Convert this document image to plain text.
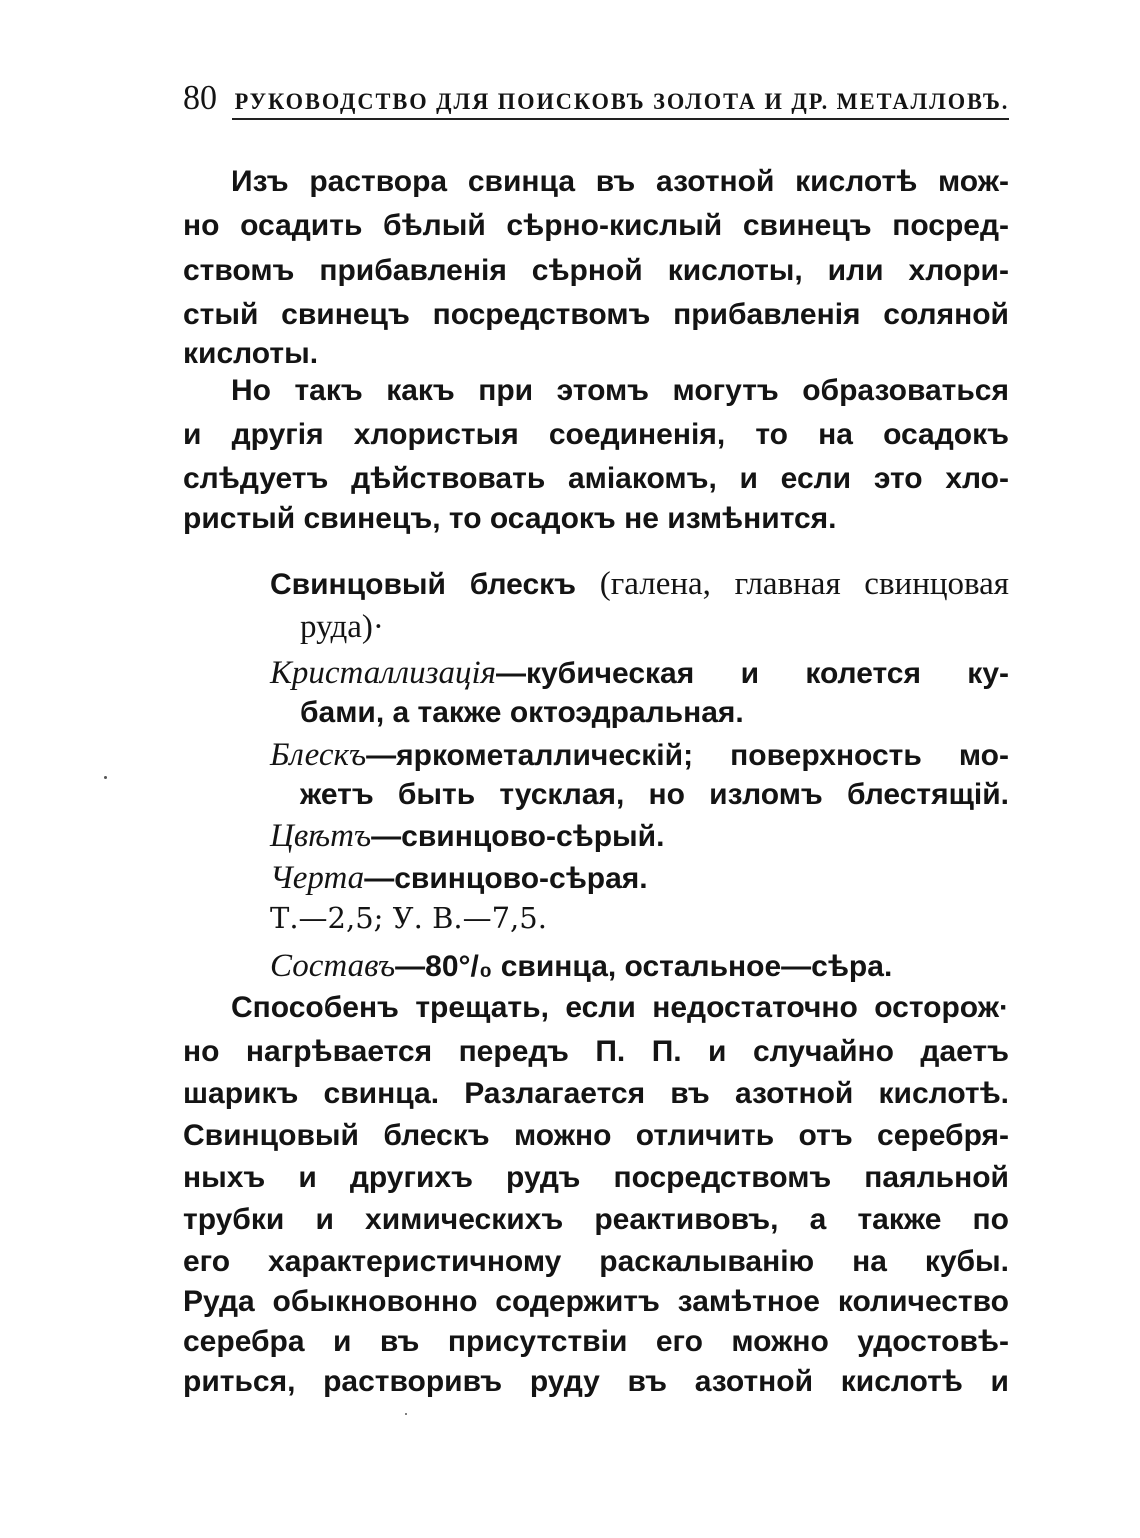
80 РУКОВОДСТВО ДЛЯ ПОИСКОВЪ ЗОЛОТА И ДР. МЕТАЛЛОВЪ.
Изъ раствора свинца въ азотной кислотѣ мож-
но осадить бѣлый сѣрно-кислый свинецъ посред-
ствомъ прибавленія сѣрной кислоты, или хлори-
стый свинецъ посредствомъ прибавленія соляной
кислоты.
Но такъ какъ при этомъ могутъ образоваться
и другія хлористыя соединенія, то на осадокъ
слѣдуетъ дѣйствовать аміакомъ, и если это хло-
ристый свинецъ, то осадокъ не измѣнится.
Свинцовый блескъ (галена, главная свинцовая
руда)·
Кристаллизація—кубическая и колется ку-
бами, а также октоэдральная.
Блескъ—яркометаллическій; поверхность мо-
жетъ быть тусклая, но изломъ блестящій.
Цвѣтъ—свинцово-сѣрый.
Черта—свинцово-сѣрая.
Т.—2,5; У. В.—7,5.
Составъ—80°/₀ свинца, остальное—сѣра.
Способенъ трещать, если недостаточно осторож·
но нагрѣвается передъ П. П. и случайно даетъ
шарикъ свинца. Разлагается въ азотной кислотѣ.
Свинцовый блескъ можно отличить отъ серебря-
ныхъ и другихъ рудъ посредствомъ паяльной
трубки и химическихъ реактивовъ, а также по
его характеристичному раскалыванію на кубы.
Руда обыкновонно содержитъ замѣтное количество
серебра и въ присутствіи его можно удостовѣ-
риться, растворивъ руду въ азотной кислотѣ и
